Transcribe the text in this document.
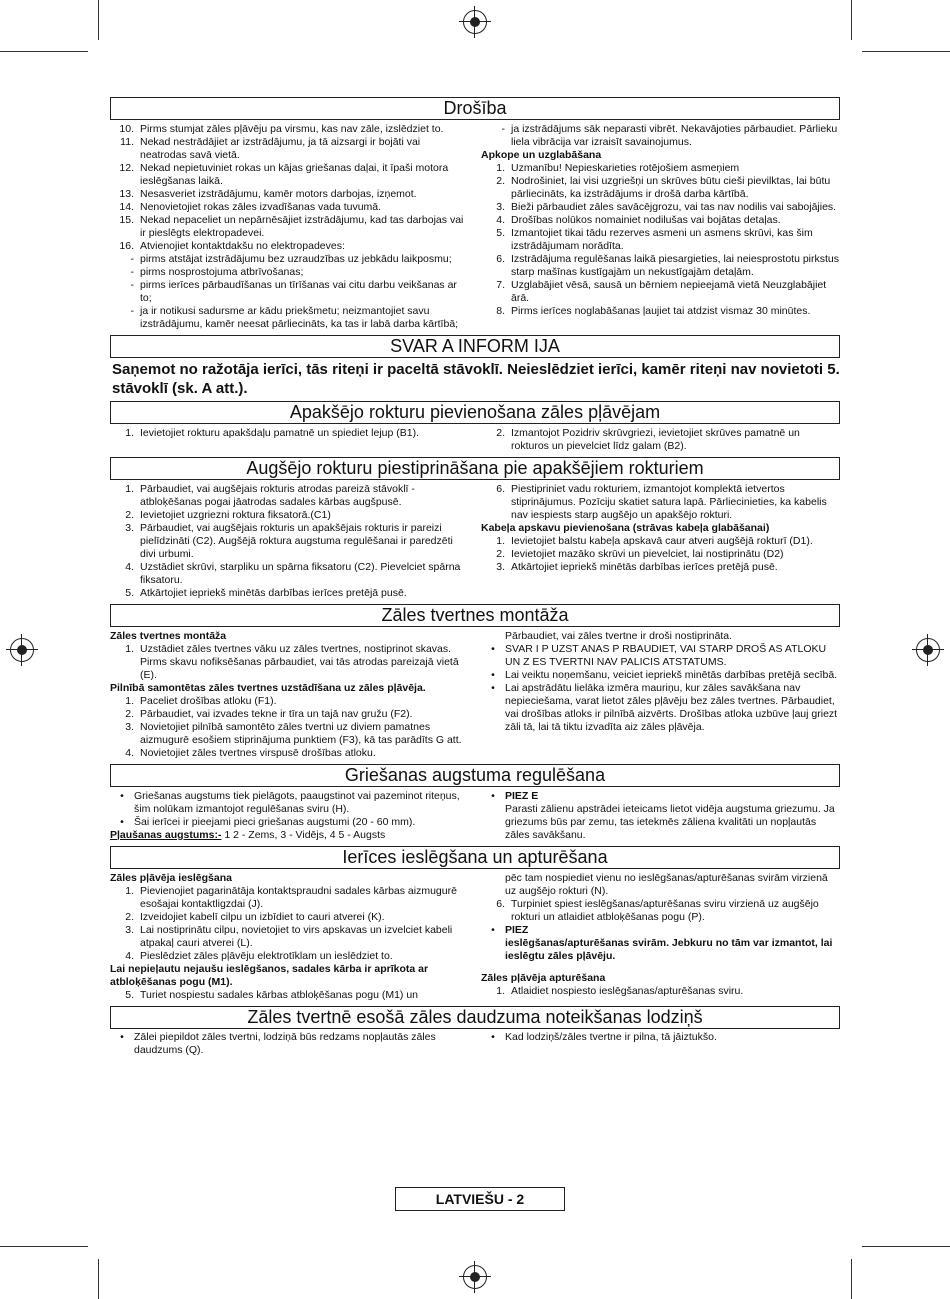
Drošība
10. Pirms stumjat zāles pļāvēju pa virsmu, kas nav zāle, izslēdziet to.
11. Nekad nestrādājiet ar izstrādājumu, ja tā aizsargi ir bojāti vai neatrodas savā vietā.
12. Nekad nepietuviniet rokas un kājas griešanas daļai, it īpaši motora ieslēgšanas laikā.
13. Nesasveriet izstrādājumu, kamēr motors darbojas, izņemot.
14. Nenovietojiet rokas zāles izvadīšanas vada tuvumā.
15. Nekad nepaceliet un nepārnēsājiet izstrādājumu, kad tas darbojas vai ir pieslēgts elektropadevei.
16. Atvienojiet kontaktdakšu no elektropadeves:
- pirms atstājat izstrādājumu bez uzraudzības uz jebkādu laikposmu;
- pirms nosprostojuma atbrīvošanas;
- pirms ierīces pārbaudīšanas un tīrīšanas vai citu darbu veikšanas ar to;
- ja ir notikusi sadursme ar kādu priekšmetu; neizmantojiet savu izstrādājumu, kamēr neesat pārliecināts, ka tas ir labā darba kārtībā;
- ja izstrādājums sāk neparasti vibrēt. Nekavājoties pārbaudiet. Pārlieku liela vibrācija var izraisīt savainojumus.
Apkope un uzglabāšana
1. Uzmanību! Nepieskarieties rotējošiem asmeņiem
2. Nodrošiniet, lai visi uzgriešņi un skrūves būtu cieši pievilktas, lai būtu pārliecināts, ka izstrādājums ir drošā darba kārtībā.
3. Bieži pārbaudiet zāles savācējgrozu, vai tas nav nodilis vai sabojājies.
4. Drošības nolūkos nomainiet nodilušas vai bojātas detaļas.
5. Izmantojiet tikai tādu rezerves asmeni un asmens skrūvi, kas šim izstrādājumam norādīta.
6. Izstrādājuma regulēšanas laikā piesargieties, lai neiesprostotu pirkstus starp mašīnas kustīgajām un nekustīgajām detaļām.
7. Uzglabājiet vēsā, sausā un bērniem nepieejamā vietā Neuzglabājiet ārā.
8. Pirms ierīces noglabāšanas ļaujiet tai atdzist vismaz 30 minūtes.
SVAR A INFORM IJA
Saņemot no ražotāja ierīci, tās riteņi ir paceltā stāvoklī. Neieslēdziet ierīci, kamēr riteņi nav novietoti 5. stāvoklī (sk. A att.).
Apakšējo rokturu pievienošana zāles pļāvējam
1. Ievietojiet rokturu apakšdaļu pamatnē un spiediet lejup (B1).	2. Izmantojot Pozidriv skrūvgriezi, ievietojiet skrūves pamatnē un rokturos un pievelciet līdz galam (B2).
Augšējo rokturu piestiprināšana pie apakšējiem rokturiem
1. Pārbaudiet, vai augšējais rokturis atrodas pareizā stāvoklī - atbloķēšanas pogai jāatrodas sadales kārbas augšpusē.
2. Ievietojiet uzgriezni roktura fiksatorā.(C1)
3. Pārbaudiet, vai augšējais rokturis un apakšējais rokturis ir pareizi pielīdzināti (C2). Augšējā roktura augstuma regulēšanai ir paredzēti divi urbumi.
4. Uzstādiet skrūvi, starpliku un spārna fiksatoru (C2). Pievelciet spārna fiksatoru.
5. Atkārtojiet iepriekš minētās darbības ierīces pretējā pusē.
6. Piestipriniet vadu rokturiem, izmantojot komplektā ietvertos stiprinājumus. Pozīciju skatiet satura lapā. Pārliecinieties, ka kabelis nav iespiests starp augšējo un apakšējo rokturi.
Kabeļa apskavu pievienošana (strāvas kabeļa glabāšanai)
1. Ievietojiet balstu kabeļa apskavā caur atveri augšējā rokturī (D1).
2. Ievietojiet mazāko skrūvi un pievelciet, lai nostiprinātu (D2)
3. Atkārtojiet iepriekš minētās darbības ierīces pretējā pusē.
Zāles tvertnes montāža
Zāles tvertnes montāža
1. Uzstādiet zāles tvertnes vāku uz zāles tvertnes, nostiprinot skavas. Pirms skavu nofiksēšanas pārbaudiet, vai tās atrodas pareizajā vietā (E).
Pilnībā samontētas zāles tvertnes uzstādīšana uz zāles pļāvēja.
1. Paceliet drošības atloku (F1).
2. Pārbaudiet, vai izvades tekne ir tīra un tajā nav gružu (F2).
3. Novietojiet pilnībā samontēto zāles tvertni uz diviem pamatnes aizmugurē esošiem stiprinājuma punktiem (F3), kā tas parādīts G att.
4. Novietojiet zāles tvertnes virspusē drošības atloku.
Pārbaudiet, vai zāles tvertne ir droši nostiprināta.
• SVAR I P UZST ANAS P RBAUDIET, VAI STARP DROŠ AS ATLOKU UN Z ES TVERTNI NAV PALICIS ATSTATUMS.
• Lai veiktu noņemšanu, veiciet iepriekš minētās darbības pretējā secībā.
• Lai apstrādātu lielāka izmēra mauriņu, kur zāles savākšana nav nepieciešama, varat lietot zāles pļāvēju bez zāles tvertnes. Pārbaudiet, vai drošības atloks ir pilnībā aizvērts. Drošības atloka uzbūve ļauj griezt zāli tā, lai tā tiktu izvadīta aiz zāles pļāvēja.
Griešanas augstuma regulēšana
• Griešanas augstums tiek pielāgots, paaugstinot vai pazeminot riteņus, šim nolūkam izmantojot regulēšanas sviru (H).
• Šai ierīcei ir pieejami pieci griešanas augstumi (20 - 60 mm).
Pļaušanas augstums:- 1 2 - Zems, 3 - Vidējs, 4 5 - Augsts
• PIEZ E
Parasti zālienu apstrādei ieteicams lietot vidēja augstuma griezumu. Ja griezums būs par zemu, tas ietekmēs zāliena kvalitāti un nopļautās zāles savākšanu.
Ierīces ieslēgšana un apturēšana
Zāles pļāvēja ieslēgšana
1. Pievienojiet pagarinātāja kontaktspraudni sadales kārbas aizmugurē esošajai kontaktligzdai (J).
2. Izveidojiet kabelī cilpu un izbīdiet to cauri atverei (K).
3. Lai nostiprinātu cilpu, novietojiet to virs apskavas un izvelciet kabeli atpakaļ cauri atverei (L).
4. Pieslēdziet zāles pļāvēju elektrotīklam un ieslēdziet to.
Lai nepieļautu nejaušu ieslēgšanos, sadales kārba ir aprīkota ar atbloķēšanas pogu (M1).
5. Turiet nospiestu sadales kārbas atbloķēšanas pogu (M1) un
pēc tam nospiediet vienu no ieslēgšanas/apturēšanas svirām virzienā uz augšējo rokturi (N).
6. Turpiniet spiest ieslēgšanas/apturēšanas sviru virzienā uz augšējo rokturi un atlaidiet atbloķēšanas pogu (P).
• PIEZ
ieslēgšanas/apturēšanas svirām. Jebkuru no tām var izmantot, lai ieslēgtu zāles pļāvēju.
Zāles pļāvēja apturēšana
1. Atlaidiet nospiesto ieslēgšanas/apturēšanas sviru.
Zāles tvertnē esošā zāles daudzuma noteikšanas lodziņš
• Zālei piepildot zāles tvertni, lodziņā būs redzams nopļautās zāles daudzums (Q).
• Kad lodziņš/zāles tvertne ir pilna, tā jāiztukšo.
LATVIEŠU - 2
